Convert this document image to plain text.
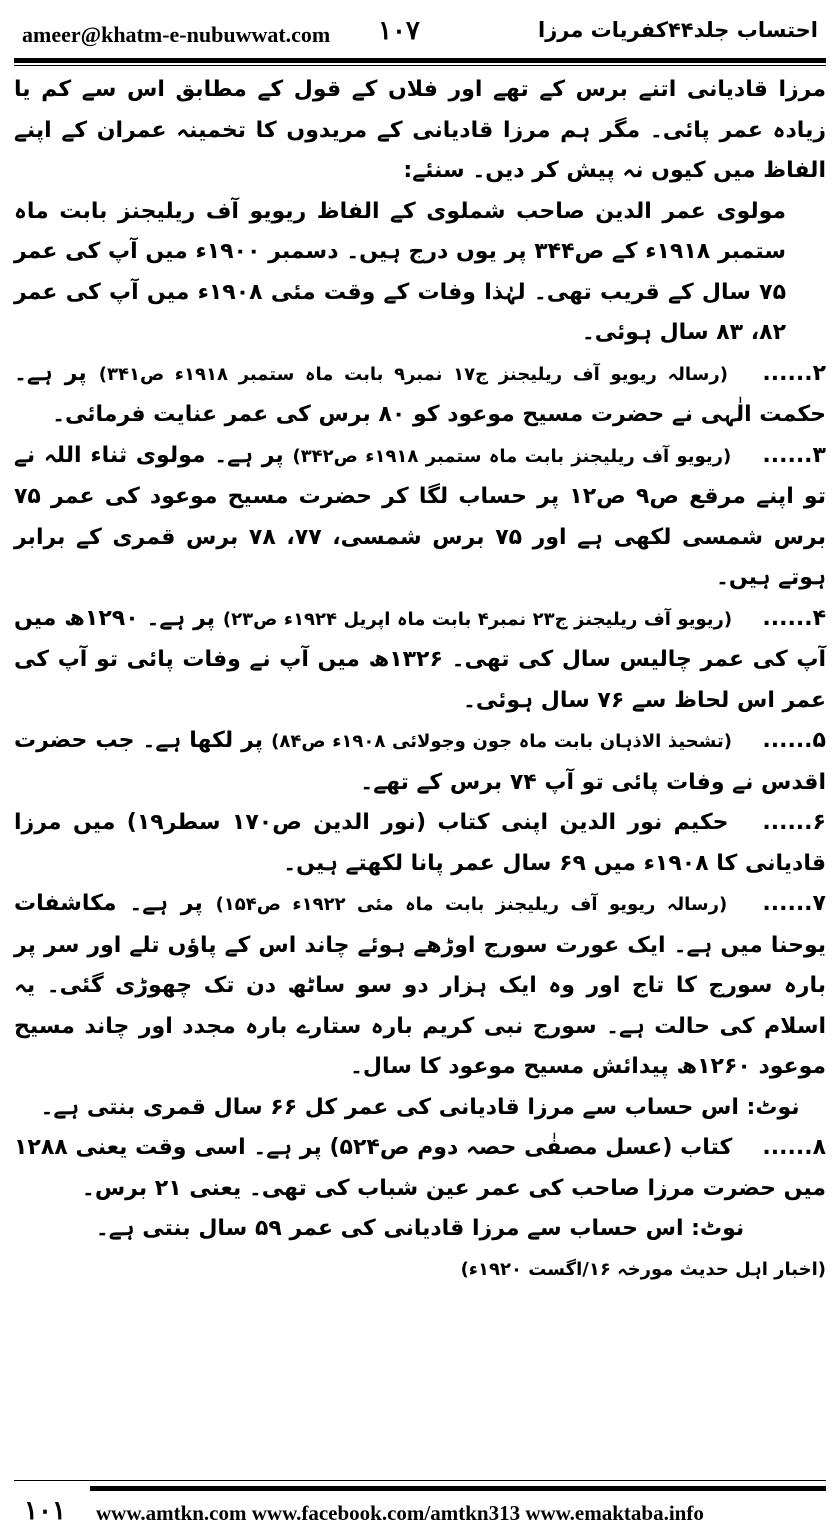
ameer@khatm-e-nubuwwat.com ۱۰۷	احتساب جلد۴۴کفریات مرزا

مرزا قادیانی اتنے برس کے تھے اور فلاں کے قول کے مطابق اس سے کم یا زیادہ عمر پائی۔ مگر ہم مرزا قادیانی کے مریدوں کا تخمینہ عمران کے اپنے الفاظ میں کیوں نہ پیش کر دیں۔ سنئے:

مولوی عمر الدین صاحب شملوی کے الفاظ ریویو آف ریلیجنز بابت ماہ ستمبر ۱۹۱۸ء کے ص۳۴۴ پر یوں درج ہیں۔ دسمبر ۱۹۰۰ء میں آپ کی عمر ۷۵ سال کے قریب تھی۔ لہٰذا وفات کے وقت مئی ۱۹۰۸ء میں آپ کی عمر ۸۲، ۸۳ سال ہوئی۔

۲...... (رسالہ ریویو آف ریلیجنز ج۱۷ نمبر۹ بابت ماہ ستمبر ۱۹۱۸ء ص۳۴۱) پر ہے۔ حکمت الٰہی نے حضرت مسیح موعود کو ۸۰ برس کی عمر عنایت فرمائی۔

۳...... (ریویو آف ریلیجنز بابت ماہ ستمبر ۱۹۱۸ء ص۳۴۲) پر ہے۔ مولوی ثناء اللہ نے تو اپنے مرقع ص۹ ص۱۲ پر حساب لگا کر حضرت مسیح موعود کی عمر ۷۵ برس شمسی لکھی ہے اور ۷۵ برس شمسی، ۷۷، ۷۸ برس قمری کے برابر ہوتے ہیں۔

۴...... (ریویو آف ریلیجنز ج۲۳ نمبر۴ بابت ماہ اپریل ۱۹۲۴ء ص۲۳) پر ہے۔ ۱۲۹۰ھ میں آپ کی عمر چالیس سال کی تھی۔ ۱۳۲۶ھ میں آپ نے وفات پائی تو آپ کی عمر اس لحاظ سے ۷۶ سال ہوئی۔

۵...... (تشحیذ الاذہان بابت ماہ جون وجولائی ۱۹۰۸ء ص۸۴) پر لکھا ہے۔ جب حضرت اقدس نے وفات پائی تو آپ ۷۴ برس کے تھے۔

۶...... حکیم نور الدین اپنی کتاب (نور الدین ص۱۷۰ سطر۱۹) میں مرزا قادیانی کا ۱۹۰۸ء میں ۶۹ سال عمر پانا لکھتے ہیں۔

۷...... (رسالہ ریویو آف ریلیجنز بابت ماہ مئی ۱۹۲۲ء ص۱۵۴) پر ہے۔ مکاشفات یوحنا میں ہے۔ ایک عورت سورج اوڑھے ہوئے چاند اس کے پاؤں تلے اور سر پر بارہ سورج کا تاج اور وہ ایک ہزار دو سو ساٹھ دن تک چھوڑی گئی۔ یہ اسلام کی حالت ہے۔ سورج نبی کریم بارہ ستارے بارہ مجدد اور چاند مسیح موعود ۱۲۶۰ھ پیدائش مسیح موعود کا سال۔

نوٹ: اس حساب سے مرزا قادیانی کی عمر کل ۶۶ سال قمری بنتی ہے۔

۸...... کتاب (عسل مصفٰی حصہ دوم ص۵۲۴) پر ہے۔ اسی وقت یعنی ۱۲۸۸ میں حضرت مرزا صاحب کی عمر عین شباب کی تھی۔ یعنی ۲۱ برس۔

نوٹ: اس حساب سے مرزا قادیانی کی عمر ۵۹ سال بنتی ہے۔

(اخبار اہل حدیث مورخہ ۱۶/اگست ۱۹۲۰ء)

۱۰۱	www.amtkn.com www.facebook.com/amtkn313 www.emaktaba.info
